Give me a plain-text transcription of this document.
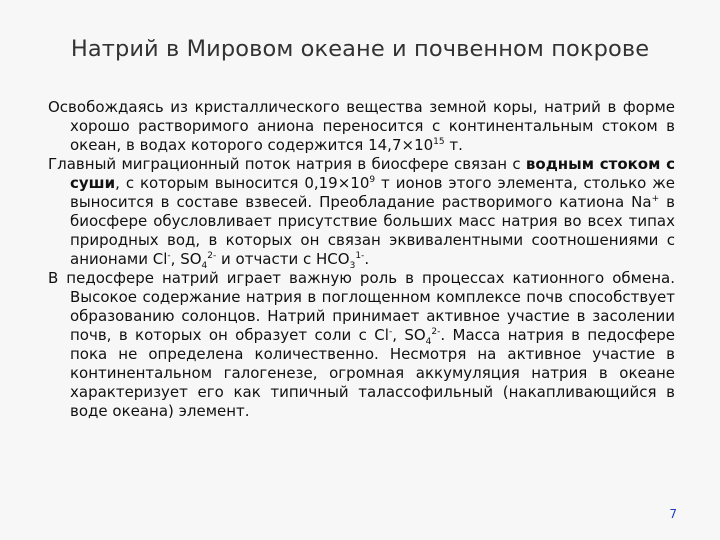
Натрий в Мировом океане и почвенном покрове

Освобождаясь из кристаллического вещества земной коры, натрий в форме хорошо растворимого аниона переносится с континентальным стоком в океан, в водах которого содержится $14,7\times 10^{15}$ т.

Главный миграционный поток натрия в биосфере связан с водным стоком с суши, с которым выносится $0,19\times 10^9$ т ионов этого элемента, столько же выносится в составе взвесей. Преобладание растворимого катиона Na+ в биосфере обусловливает присутствие больших масс натрия во всех типах природных вод, в которых он связан эквивалентными соотношениями с анионами Cl-, $SO_4^{2-}$ и отчасти с $HCO_3^{1-}$.

В педосфере натрий играет важную роль в процессах катионного обмена. Высокое содержание натрия в поглощенном комплексе почв способствует образованию солонцов. Натрий принимает активное участие в засолении почв, в которых он образует соли с Cl-, $SO_4^{2-}$. Масса натрия в педосфере пока не определена количественно. Несмотря на активное участие в континентальном галогенезе, огромная аккумуляция натрия в океане характеризует его как типичный талассофильный (накапливающийся в воде океана) элемент.

7
